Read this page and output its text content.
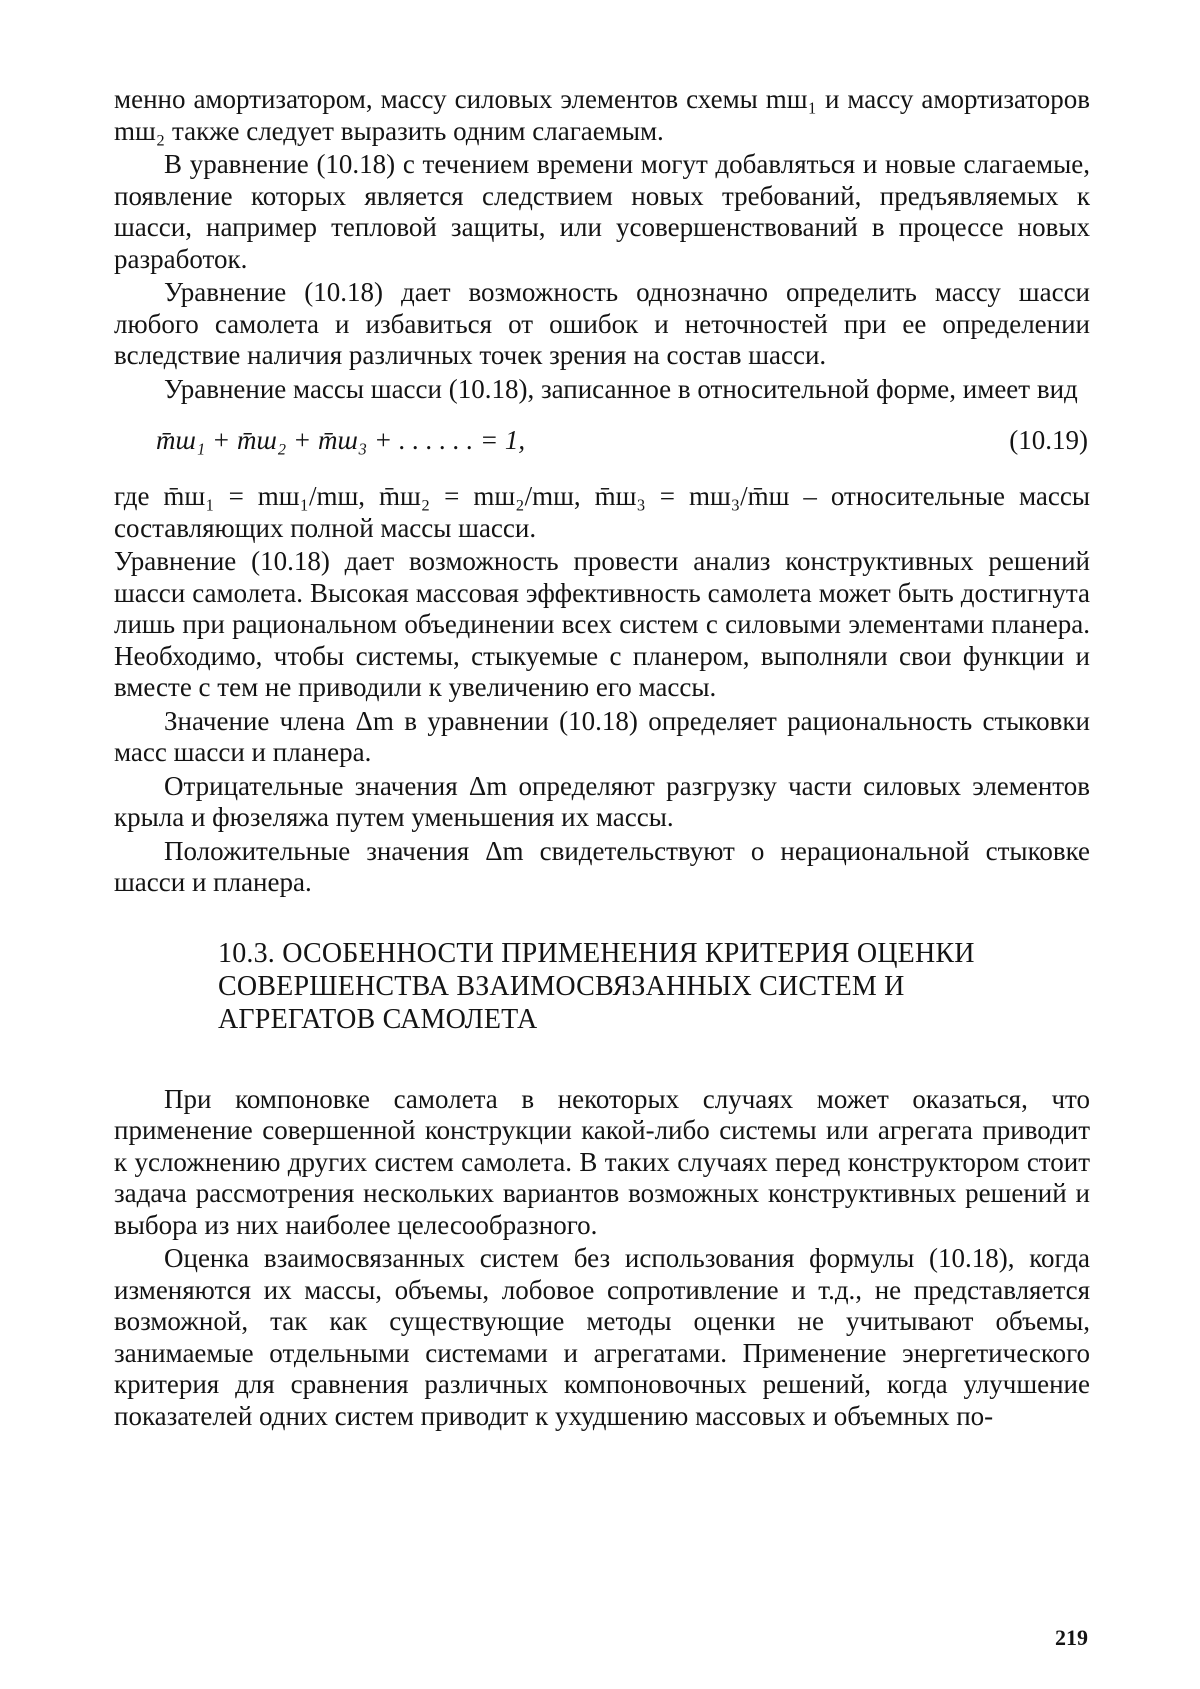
менно амортизатором, массу силовых элементов схемы mш₁ и массу амортизаторов mш₂ также следует выразить одним слагаемым.

В уравнение (10.18) с течением времени могут добавляться и новые слагаемые, появление которых является следствием новых требований, предъявляемых к шасси, например тепловой защиты, или усовершенствований в процессе новых разработок.

Уравнение (10.18) дает возможность однозначно определить массу шасси любого самолета и избавиться от ошибок и неточностей при ее определении вследствие наличия различных точек зрения на состав шасси.

Уравнение массы шасси (10.18), записанное в относительной форме, имеет вид

m̄ш₁ + m̄ш₂ + m̄ш₃ + . . . . . . = 1,	(10.19)

где m̄ш₁ = mш₁/mш, m̄ш₂ = mш₂/mш, m̄ш₃ = mш₃/m̄ш – относительные массы составляющих полной массы шасси.

Уравнение (10.18) дает возможность провести анализ конструктивных решений шасси самолета. Высокая массовая эффективность самолета может быть достигнута лишь при рациональном объединении всех систем с силовыми элементами планера. Необходимо, чтобы системы, стыкуемые с планером, выполняли свои функции и вместе с тем не приводили к увеличению его массы.

Значение члена Δm в уравнении (10.18) определяет рациональность стыковки масс шасси и планера.

Отрицательные значения Δm определяют разгрузку части силовых элементов крыла и фюзеляжа путем уменьшения их массы.

Положительные значения Δm свидетельствуют о нерациональной стыковке шасси и планера.

10.3. ОСОБЕННОСТИ ПРИМЕНЕНИЯ КРИТЕРИЯ ОЦЕНКИ СОВЕРШЕНСТВА ВЗАИМОСВЯЗАННЫХ СИСТЕМ И АГРЕГАТОВ САМОЛЕТА

При компоновке самолета в некоторых случаях может оказаться, что применение совершенной конструкции какой-либо системы или агрегата приводит к усложнению других систем самолета. В таких случаях перед конструктором стоит задача рассмотрения нескольких вариантов возможных конструктивных решений и выбора из них наиболее целесообразного.

Оценка взаимосвязанных систем без использования формулы (10.18), когда изменяются их массы, объемы, лобовое сопротивление и т.д., не представляется возможной, так как существующие методы оценки не учитывают объемы, занимаемые отдельными системами и агрегатами. Применение энергетического критерия для сравнения различных компоновочных решений, когда улучшение показателей одних систем приводит к ухудшению массовых и объемных по-

219
